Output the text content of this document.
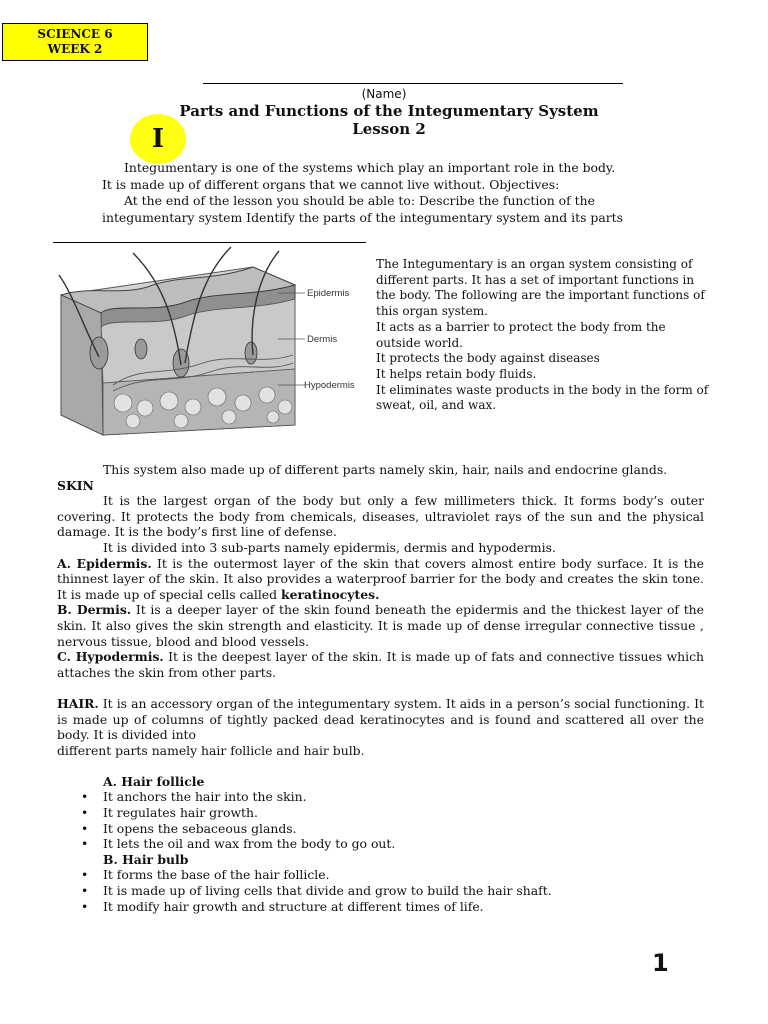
SCIENCE 6
WEEK 2
(Name)
Parts and Functions of the Integumentary System
Lesson 2
I

Integumentary is one of the systems which play an important role in the body.

It is made up of different organs that we cannot live without. Objectives:

At the end of the lesson you should be able to: Describe the function of the integumentary system Identify the parts of the integumentary system and its parts

Epidermis
Dermis
Hypodermis

The Integumentary is an organ system consisting of different parts. It has a set of important functions in the body. The following are the important functions of this organ system.

It acts as a barrier to protect the body from the outside world.

It protects the body against diseases

It helps retain body fluids.

It eliminates waste products in the body in the form of sweat, oil, and wax.

This system also made up of different parts namely skin, hair, nails and endocrine glands.

SKIN

It is the largest organ of the body but only a few millimeters thick. It forms body’s outer covering. It protects the body from chemicals, diseases, ultraviolet rays of the sun and the physical damage. It is the body’s first line of defense.

It is divided into 3 sub-parts namely epidermis, dermis and hypodermis.

A. Epidermis. It is the outermost layer of the skin that covers almost entire body surface. It is the thinnest layer of the skin. It also provides a waterproof barrier for the body and creates the skin tone. It is made up of special cells called keratinocytes.

B. Dermis. It is a deeper layer of the skin found beneath the epidermis and the thickest layer of the skin. It also gives the skin strength and elasticity. It is made up of dense irregular connective tissue , nervous tissue, blood and blood vessels.

C. Hypodermis. It is the deepest layer of the skin. It is made up of fats and connective tissues which attaches the skin from other parts.

HAIR. It is an accessory organ of the integumentary system. It aids in a person’s social functioning. It is made up of columns of tightly packed dead keratinocytes and is found and scattered all over the body. It is divided into

different parts namely hair follicle and hair bulb.

A. Hair follicle

• It anchors the hair into the skin.
• It regulates hair growth.
• It opens the sebaceous glands.
• It lets the oil and wax from the body to go out.

B. Hair bulb

• It forms the base of the hair follicle.
• It is made up of living cells that divide and grow to build the hair shaft.
• It modify hair growth and structure at different times of life.
1
